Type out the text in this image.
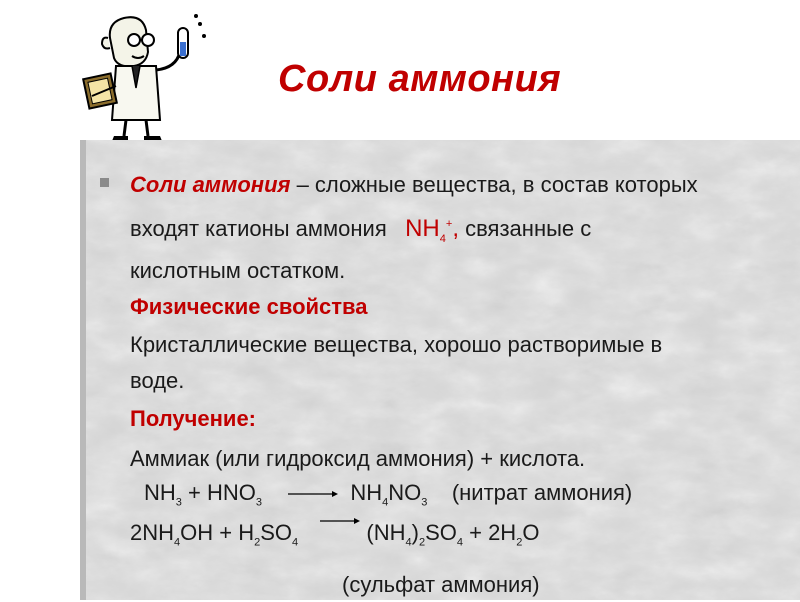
Соли аммония
Соли аммония – сложные вещества, в состав которых
входят катионы аммония $NH_4^+$, связанные с
кислотным остатком.
Физические свойства
Кристаллические вещества, хорошо растворимые в
воде.
Получение:
Аммиак (или гидроксид аммония) + кислота.
$NH_3 + HNO_3 \to NH_4NO_3$ (нитрат аммония)
$2NH_4OH + H_2SO_4 \to (NH_4)_2SO_4 + 2H_2O$
(сульфат аммония)
